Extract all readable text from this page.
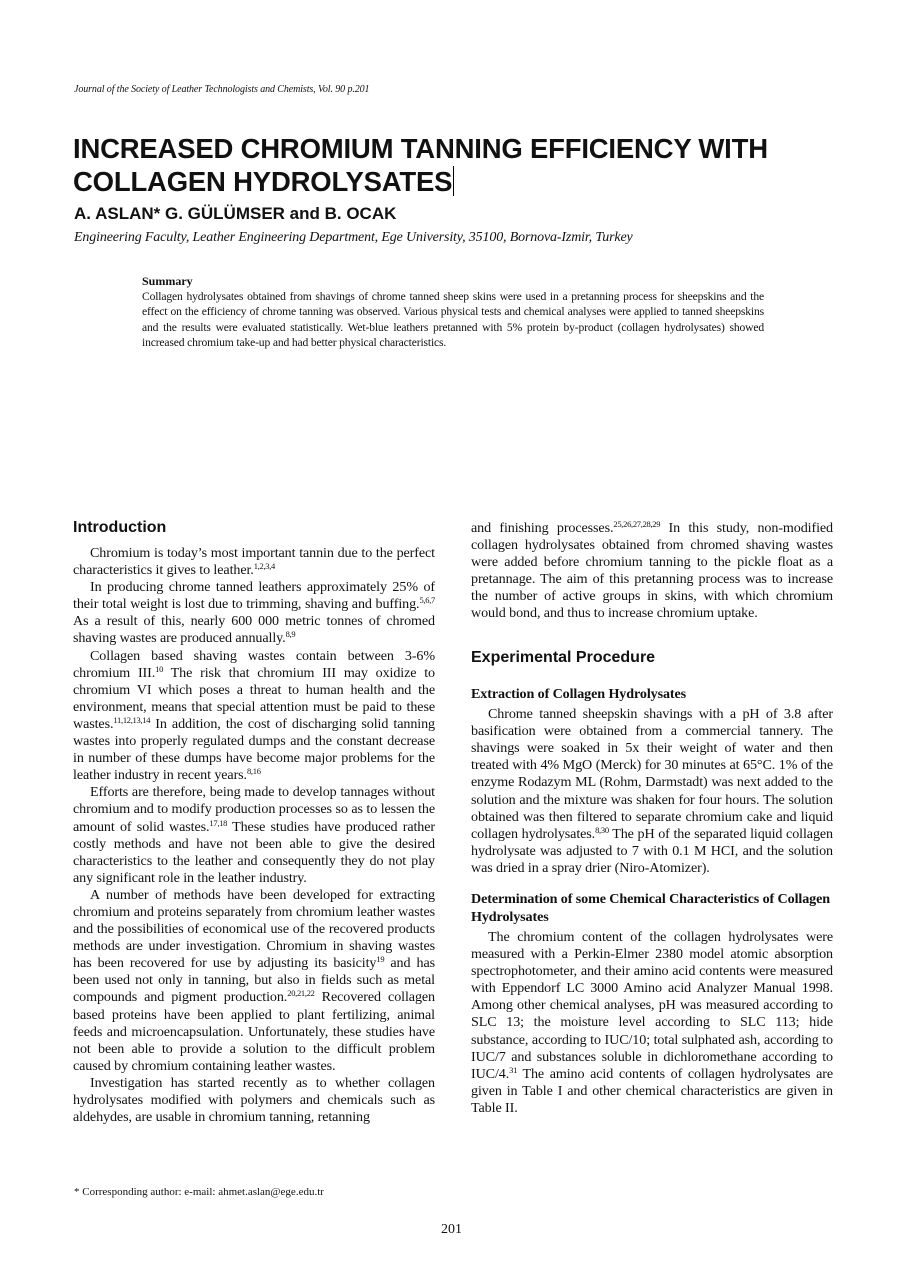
Journal of the Society of Leather Technologists and Chemists, Vol. 90 p.201
INCREASED CHROMIUM TANNING EFFICIENCY WITH
COLLAGEN HYDROLYSATES
A. ASLAN* G. GÜLÜMSER and B. OCAK
Engineering Faculty, Leather Engineering Department, Ege University, 35100, Bornova-Izmir, Turkey
Summary
Collagen hydrolysates obtained from shavings of chrome tanned sheep skins were used in a pretanning process for sheepskins and the effect on the efficiency of chrome tanning was observed. Various physical tests and chemical analyses were applied to tanned sheepskins and the results were evaluated statistically. Wet-blue leathers pretanned with 5% protein by-product (collagen hydrolysates) showed increased chromium take-up and had better physical characteristics.
Introduction

Chromium is today’s most important tannin due to the perfect characteristics it gives to leather.$^{1,2,3,4}$

In producing chrome tanned leathers approximately 25% of their total weight is lost due to trimming, shaving and buffing.$^{5,6,7}$ As a result of this, nearly 600 000 metric tonnes of chromed shaving wastes are produced annually.$^{8,9}$

Collagen based shaving wastes contain between 3-6% chromium III.$^{10}$ The risk that chromium III may oxidize to chromium VI which poses a threat to human health and the environment, means that special attention must be paid to these wastes.$^{11,12,13,14}$ In addition, the cost of discharging solid tanning wastes into properly regulated dumps and the constant decrease in number of these dumps have become major problems for the leather industry in recent years.$^{8,16}$

Efforts are therefore, being made to develop tannages without chromium and to modify production processes so as to lessen the amount of solid wastes.$^{17,18}$ These studies have produced rather costly methods and have not been able to give the desired characteristics to the leather and consequently they do not play any significant role in the leather industry.

A number of methods have been developed for extracting chromium and proteins separately from chromium leather wastes and the possibilities of economical use of the recovered products methods are under investigation. Chromium in shaving wastes has been recovered for use by adjusting its basicity$^{19}$ and has been used not only in tanning, but also in fields such as metal compounds and pigment production.$^{20,21,22}$ Recovered collagen based proteins have been applied to plant fertilizing, animal feeds and microencapsulation. Unfortunately, these studies have not been able to provide a solution to the difficult problem caused by chromium containing leather wastes.

Investigation has started recently as to whether collagen hydrolysates modified with polymers and chemicals such as aldehydes, are usable in chromium tanning, retanning

and finishing processes.$^{25,26,27,28,29}$ In this study, non-modified collagen hydrolysates obtained from chromed shaving wastes were added before chromium tanning to the pickle float as a pretannage. The aim of this pretanning process was to increase the number of active groups in skins, with which chromium would bond, and thus to increase chromium uptake.

Experimental Procedure
Extraction of Collagen Hydrolysates

Chrome tanned sheepskin shavings with a pH of 3.8 after basification were obtained from a commercial tannery. The shavings were soaked in 5x their weight of water and then treated with 4% MgO (Merck) for 30 minutes at 65°C. 1% of the enzyme Rodazym ML (Rohm, Darmstadt) was next added to the solution and the mixture was shaken for four hours. The solution obtained was then filtered to separate chromium cake and liquid collagen hydrolysates.$^{8,30}$ The pH of the separated liquid collagen hydrolysate was adjusted to 7 with 0.1 M HCI, and the solution was dried in a spray drier (Niro-Atomizer).

Determination of some Chemical Characteristics of Collagen Hydrolysates

The chromium content of the collagen hydrolysates were measured with a Perkin-Elmer 2380 model atomic absorption spectrophotometer, and their amino acid contents were measured with Eppendorf LC 3000 Amino acid Analyzer Manual 1998. Among other chemical analyses, pH was measured according to SLC 13; the moisture level according to SLC 113; hide substance, according to IUC/10; total sulphated ash, according to IUC/7 and substances soluble in dichloromethane according to IUC/4.31 The amino acid contents of collagen hydrolysates are given in Table I and other chemical characteristics are given in Table II.

* Corresponding author: e-mail: ahmet.aslan@ege.edu.tr
201
